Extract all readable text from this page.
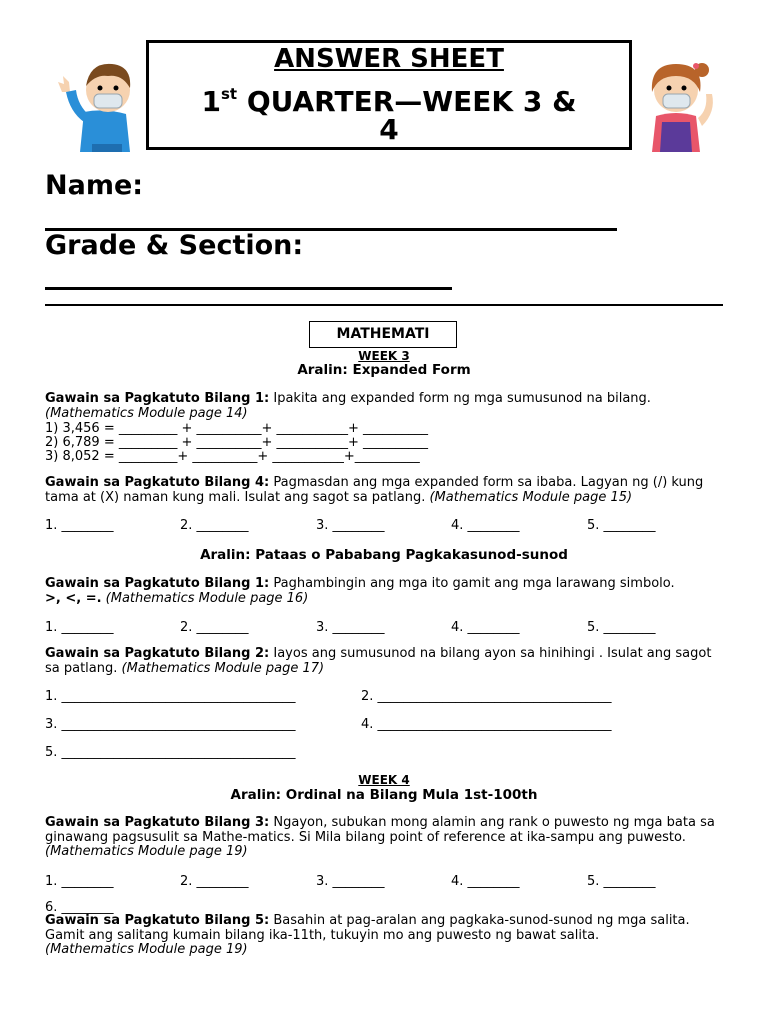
ANSWER SHEET
1st QUARTER—WEEK 3 &
4
Name:
Grade & Section:
MATHEMATI
WEEK 3
Aralin: Expanded Form
Gawain sa Pagkatuto Bilang 1: Ipakita ang expanded form ng mga sumusunod na bilang.
(Mathematics Module page 14)
1) 3,456 = _________ + __________+ ___________+ __________
2) 6,789 = _________ + __________+ ___________+ __________
3) 8,052 = _________+ __________+ ___________+__________
Gawain sa Pagkatuto Bilang 4: Pagmasdan ang mga expanded form sa ibaba. Lagyan ng (/) kung tama at (X) naman kung mali. Isulat ang sagot sa patlang. (Mathematics Module page 15)
1. ________	2. ________	3. ________	4. ________	5. ________
Aralin: Pataas o Pababang Pagkakasunod-sunod
Gawain sa Pagkatuto Bilang 1: Paghambingin ang mga ito gamit ang mga larawang simbolo.
>, <, =. (Mathematics Module page 16)
1. ________	2. ________	3. ________	4. ________	5. ________
Gawain sa Pagkatuto Bilang 2: Iayos ang sumusunod na bilang ayon sa hinihingi . Isulat ang sagot sa patlang. (Mathematics Module page 17)
1. ____________________________________	2. ____________________________________
3. ____________________________________	4. ____________________________________
5. ____________________________________
WEEK 4
Aralin: Ordinal na Bilang Mula 1st-100th
Gawain sa Pagkatuto Bilang 3: Ngayon, subukan mong alamin ang rank o puwesto ng mga bata sa ginawang pagsusulit sa Mathe-matics. Si Mila bilang point of reference at ika-sampu ang puwesto. (Mathematics Module page 19)
1. ________	2. ________	3. ________	4. ________	5. ________
6. ________
Gawain sa Pagkatuto Bilang 5: Basahin at pag-aralan ang pagkaka-sunod-sunod ng mga salita. Gamit ang salitang kumain bilang ika-11th, tukuyin mo ang puwesto ng bawat salita.
(Mathematics Module page 19)
